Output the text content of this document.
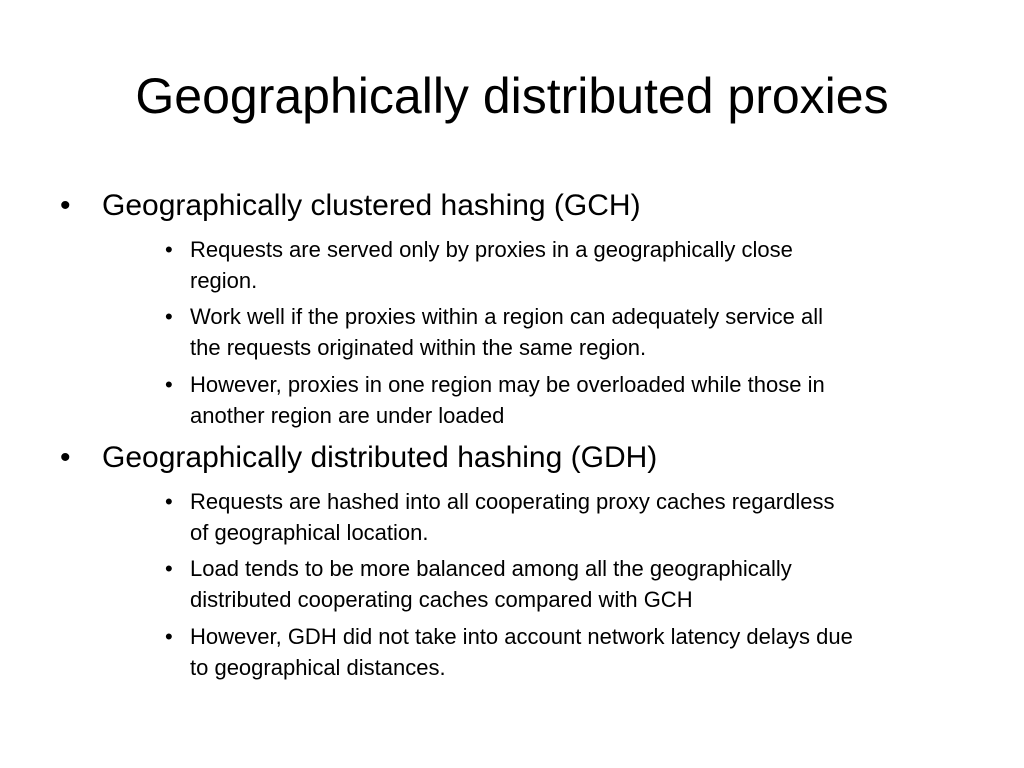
Geographically distributed proxies
• Geographically clustered hashing (GCH)
• Requests are served only by proxies in a geographically close
region.
• Work well if the proxies within a region can adequately service all
the requests originated within the same region.
• However, proxies in one region may be overloaded while those in
another region are under loaded
• Geographically distributed hashing (GDH)
• Requests are hashed into all cooperating proxy caches regardless
of geographical location.
• Load tends to be more balanced among all the geographically
distributed cooperating caches compared with GCH
• However, GDH did not take into account network latency delays due
to geographical distances.
